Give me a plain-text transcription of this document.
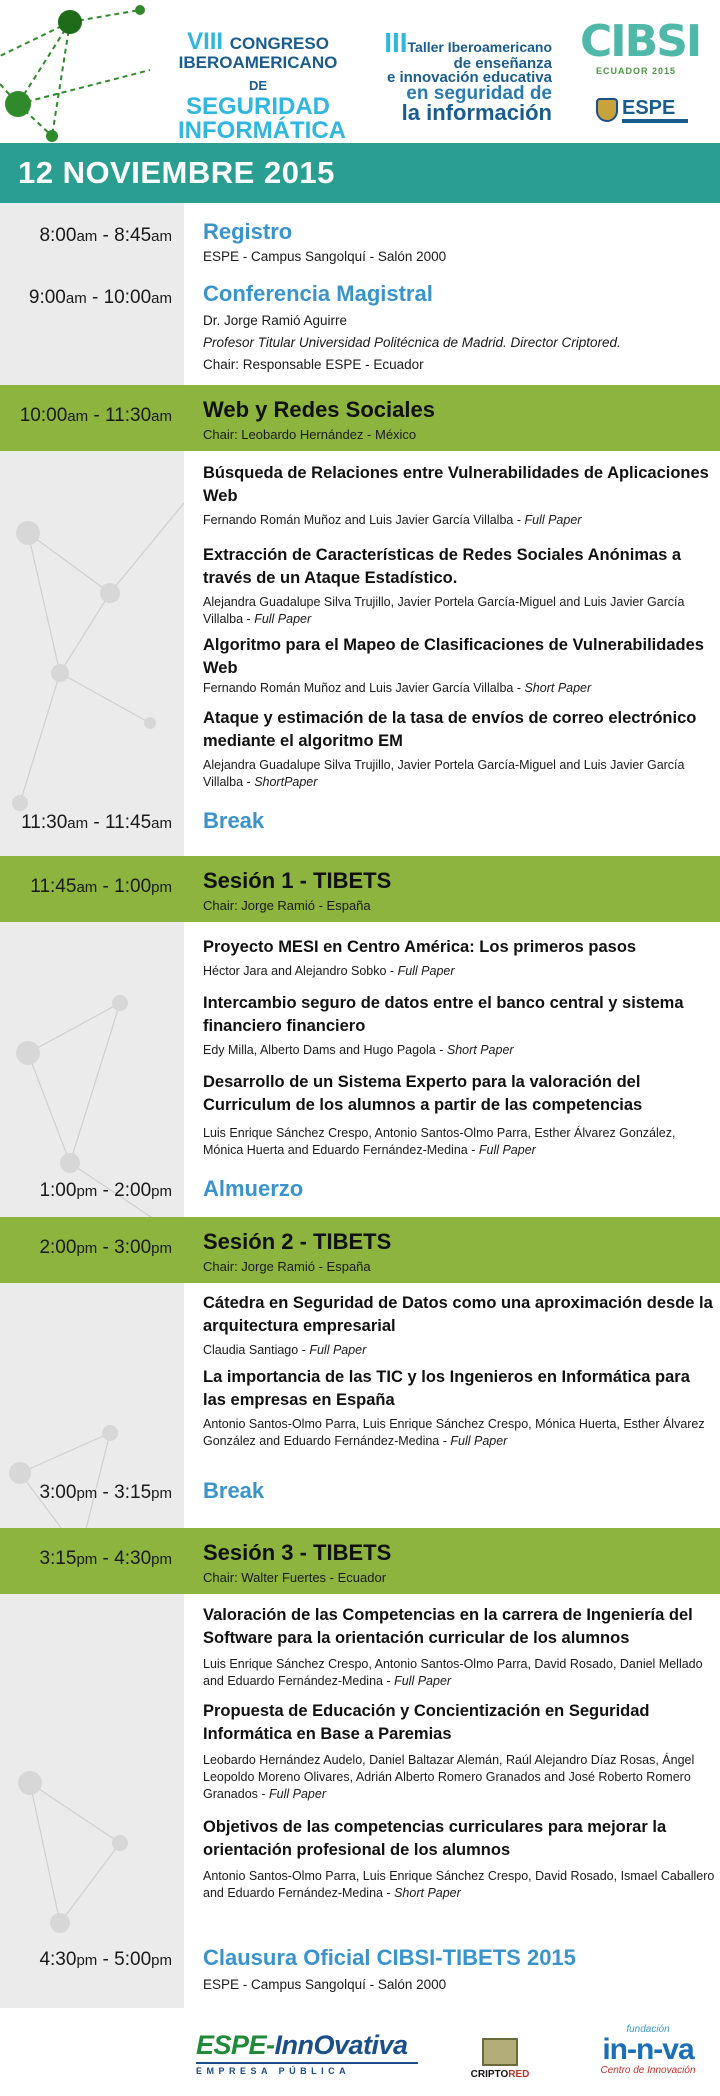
VIII CONGRESO
IBEROAMERICANO
DE SEGURIDAD
INFORMÁTICA
IIITaller Iberoamericano
de enseñanza
e innovación educativa
en seguridad de
la información
CIBSI
ECUADOR 2015
ESPE
12 NOVIEMBRE 2015
8:00am - 8:45am	Registro
ESPE - Campus Sangolquí - Salón 2000
9:00am - 10:00am	Conferencia Magistral
Dr. Jorge Ramió Aguirre
Profesor Titular Universidad Politécnica de Madrid. Director Criptored.
Chair: Responsable ESPE - Ecuador
10:00am - 11:30am	Web y Redes Sociales
Chair: Leobardo Hernández - México
Búsqueda de Relaciones entre Vulnerabilidades de Aplicaciones Web
Fernando Román Muñoz and Luis Javier García Villalba - Full Paper
Extracción de Características de Redes Sociales Anónimas a través de un Ataque Estadístico.
Alejandra Guadalupe Silva Trujillo, Javier Portela García-Miguel and Luis Javier García Villalba - Full Paper
Algoritmo para el Mapeo de Clasificaciones de Vulnerabilidades Web
Fernando Román Muñoz and Luis Javier García Villalba - Short Paper
Ataque y estimación de la tasa de envíos de correo electrónico mediante el algoritmo EM
Alejandra Guadalupe Silva Trujillo, Javier Portela García-Miguel and Luis Javier García Villalba - ShortPaper
11:30am - 11:45am	Break
11:45am - 1:00pm	Sesión 1 - TIBETS
Chair: Jorge Ramió - España
Proyecto MESI en Centro América: Los primeros pasos
Héctor Jara and Alejandro Sobko - Full Paper
Intercambio seguro de datos entre el banco central y sistema financiero financiero
Edy Milla, Alberto Dams and Hugo Pagola - Short Paper
Desarrollo de un Sistema Experto para la valoración del Curriculum de los alumnos a partir de las competencias
Luis Enrique Sánchez Crespo, Antonio Santos-Olmo Parra, Esther Álvarez González, Mónica Huerta and Eduardo Fernández-Medina - Full Paper
1:00pm - 2:00pm	Almuerzo
2:00pm - 3:00pm	Sesión 2 - TIBETS
Chair: Jorge Ramió - España
Cátedra en Seguridad de Datos como una aproximación desde la arquitectura empresarial
Claudia Santiago - Full Paper
La importancia de las TIC y los Ingenieros en Informática para las empresas en España
Antonio Santos-Olmo Parra, Luis Enrique Sánchez Crespo, Mónica Huerta, Esther Álvarez González and Eduardo Fernández-Medina - Full Paper
3:00pm - 3:15pm	Break
3:15pm - 4:30pm	Sesión 3 - TIBETS
Chair: Walter Fuertes - Ecuador
Valoración de las Competencias en la carrera de Ingeniería del Software para la orientación curricular de los alumnos
Luis Enrique Sánchez Crespo, Antonio Santos-Olmo Parra, David Rosado, Daniel Mellado and Eduardo Fernández-Medina - Full Paper
Propuesta de Educación y Concientización en Seguridad Informática en Base a Paremias
Leobardo Hernández Audelo, Daniel Baltazar Alemán, Raúl Alejandro Díaz Rosas, Ángel Leopoldo Moreno Olivares, Adrián Alberto Romero Granados and José Roberto Romero Granados - Full Paper
Objetivos de las competencias curriculares para mejorar la orientación profesional de los alumnos
Antonio Santos-Olmo Parra, Luis Enrique Sánchez Crespo, David Rosado, Ismael Caballero and Eduardo Fernández-Medina - Short Paper
4:30pm - 5:00pm	Clausura Oficial CIBSI-TIBETS 2015
ESPE - Campus Sangolquí - Salón 2000
ESPE-InnOvativa
EMPRESA PÚBLICA	CRIPTORED
fundación
in-n-va
Centro de Innovación
